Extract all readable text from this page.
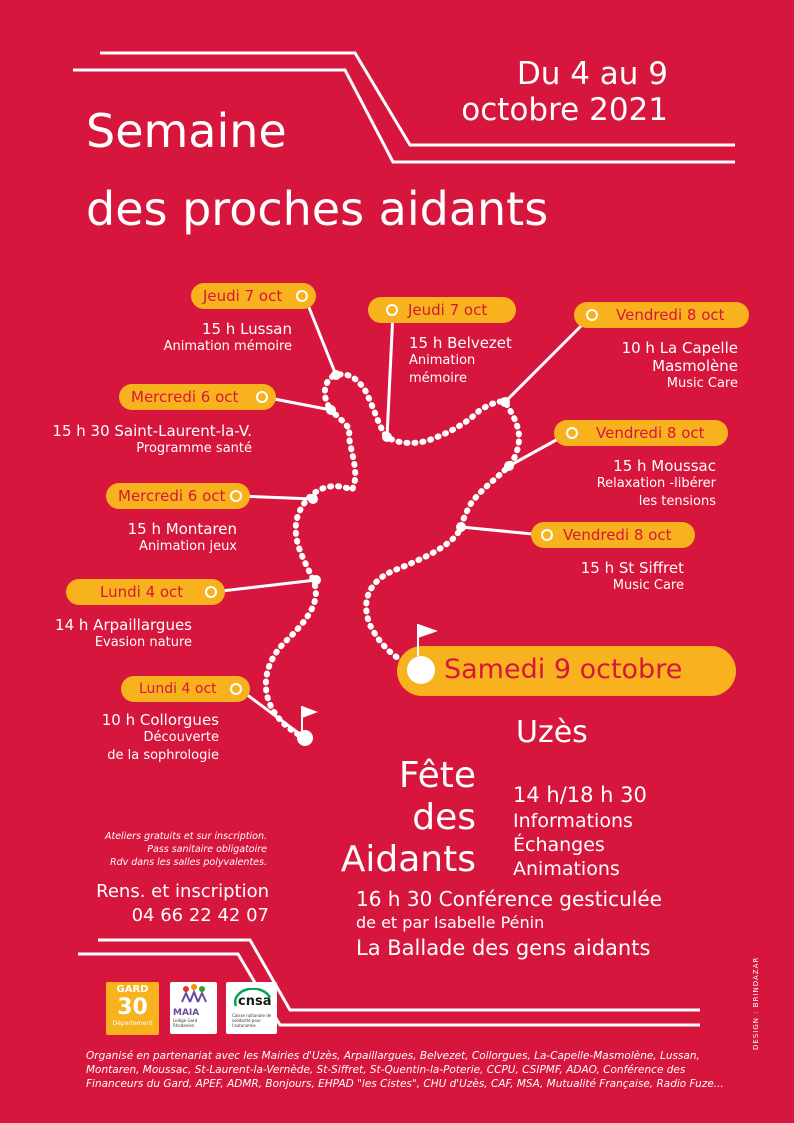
Du 4 au 9
octobre 2021
Semaine
des proches aidants
Jeudi 7 oct
15 h Lussan
Animation mémoire
Mercredi 6 oct
15 h 30 Saint-Laurent-la-V.
Programme santé
Mercredi 6 oct
15 h Montaren
Animation jeux
Lundi 4 oct
14 h Arpaillargues
Evasion nature
Lundi 4 oct
10 h Collorgues
Découverte
de la sophrologie
Jeudi 7 oct
15 h Belvezet
Animation
mémoire
Vendredi 8 oct
10 h La Capelle
Masmolène
Music Care
Vendredi 8 oct
15 h Moussac
Relaxation -libérer
les tensions
Vendredi 8 oct
15 h St Siffret
Music Care
Samedi 9 octobre
Uzès
Fête
des
Aidants
14 h/18 h 30
Informations
Échanges
Animations
16 h 30 Conférence gesticulée
de et par Isabelle Pénin
La Ballade des gens aidants
Ateliers gratuits et sur inscription.
Pass sanitaire obligatoire
Rdv dans les salles polyvalentes.
Rens. et inscription
04 66 22 42 07
GARD
30
Département
MAIA
Loiège Gard Rhodanien
cnsa
Caisse nationale de solidarité pour l'autonomie	DESIGN : BRINDAZAR
Organisé en partenariat avec les Mairies d'Uzès, Arpaillargues, Belvezet, Collorgues, La-Capelle-Masmolène, Lussan, Montaren, Moussac, St-Laurent-la-Vernède, St-Siffret, St-Quentin-la-Poterie, CCPU, CSIPMF, ADAO, Conférence des Financeurs du Gard, APEF, ADMR, Bonjours, EHPAD "les Cistes", CHU d'Uzès, CAF, MSA, Mutualité Française, Radio Fuze...
